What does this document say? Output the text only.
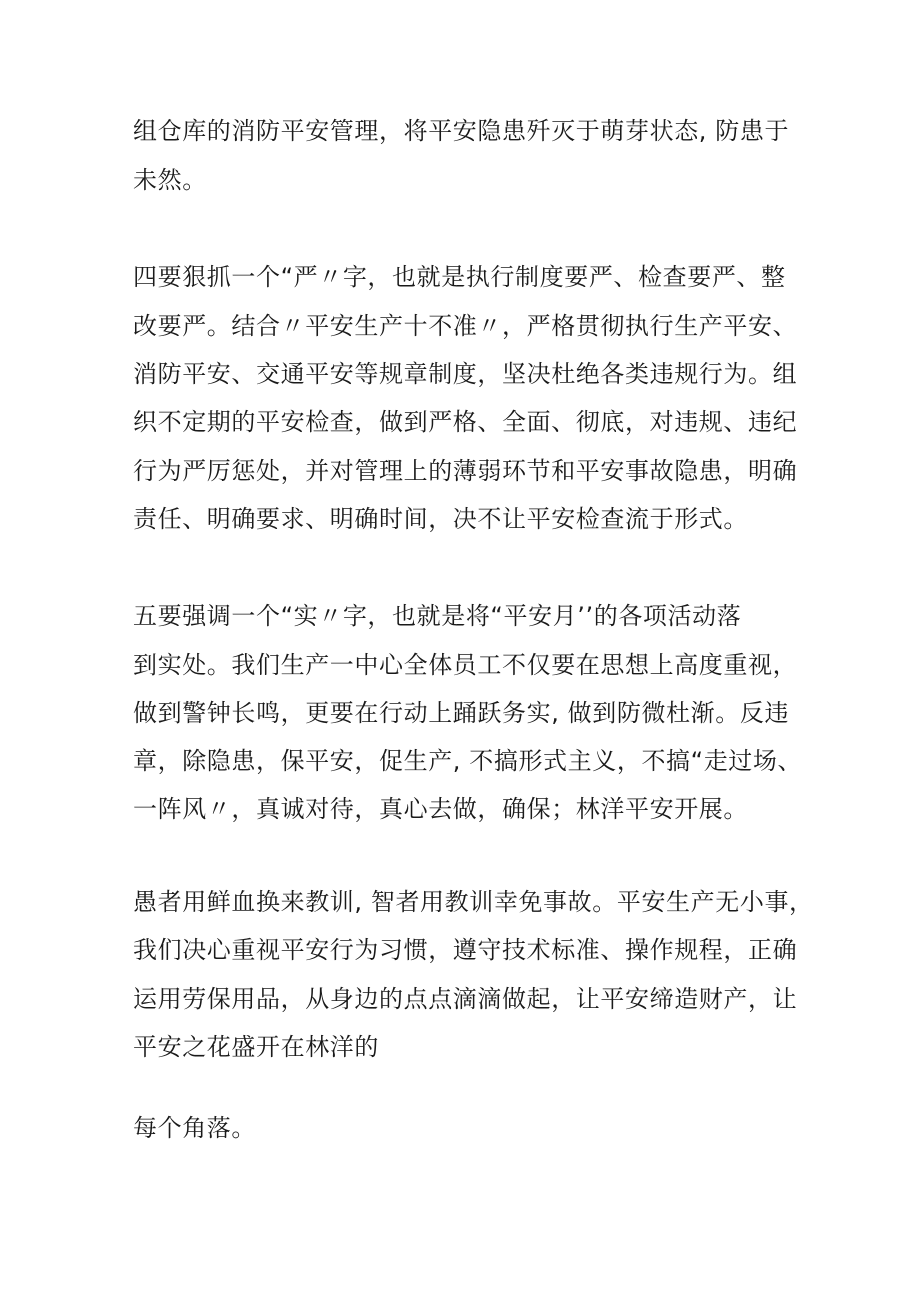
组仓库的消防平安管理，将平安隐患歼灭于萌芽状态, 防患于
未然。
四要狠抓一个“严〃字，也就是执行制度要严、检查要严、整
改要严。结合〃平安生产十不准〃，严格贯彻执行生产平安、
消防平安、交通平安等规章制度，坚决杜绝各类违规行为。组
织不定期的平安检查，做到严格、全面、彻底，对违规、违纪
行为严厉惩处，并对管理上的薄弱环节和平安事故隐患，明确
责任、明确要求、明确时间，决不让平安检查流于形式。
五要强调一个“实〃字，也就是将“平安月’’的各项活动落
到实处。我们生产一中心全体员工不仅要在思想上高度重视，
做到警钟长鸣，更要在行动上踊跃务实, 做到防微杜渐。反违
章，除隐患，保平安，促生产, 不搞形式主义，不搞“走过场、
一阵风〃，真诚对待，真心去做，确保；林洋平安开展。
愚者用鲜血换来教训, 智者用教训幸免事故。平安生产无小事，
我们决心重视平安行为习惯，遵守技术标准、操作规程，正确
运用劳保用品，从身边的点点滴滴做起，让平安缔造财产，让
平安之花盛开在林洋的
每个角落。
